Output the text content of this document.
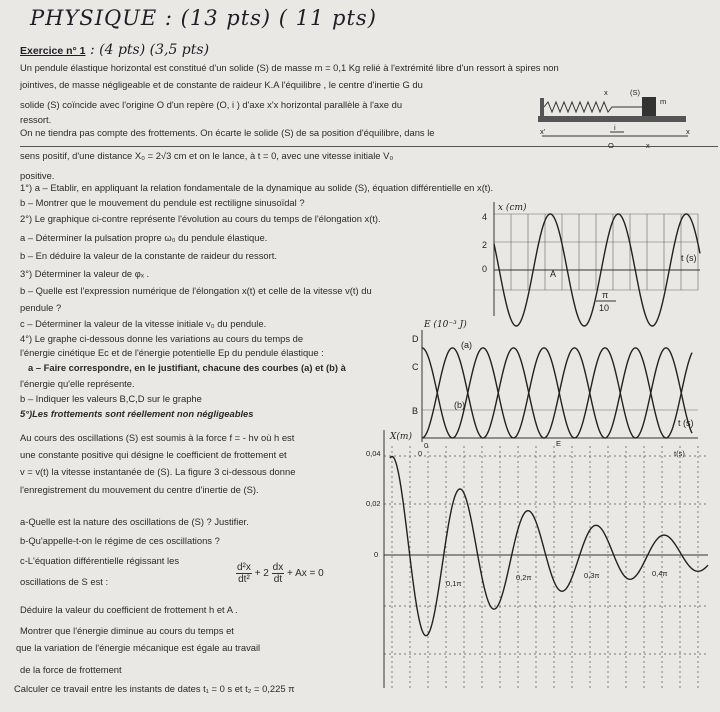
PHYSIQUE : (13 pts) ( 11 pts)
Exercice n° 1 : (4 pts) (3,5 pts)
Un pendule élastique horizontal est constitué d'un solide (S) de masse m = 0,1 Kg relié à l'extrémité libre d'un ressort à spires non
jointives, de masse négligeable et de constante de raideur K.A l'équilibre , le centre d'inertie G du
solide (S) coïncide avec l'origine O d'un repère (O, i ) d'axe x'x horizontal parallèle à l'axe du
ressort.
On ne tiendra pas compte des frottements. On écarte le solide (S) de sa position d'équilibre, dans le
sens positif, d'une distance X₀ = 2√3 cm et on le lance, à t = 0, avec une vitesse initiale V₀
positive.
1°) a – Etablir, en appliquant la relation fondamentale de la dynamique au solide (S), équation différentielle en x(t).
b – Montrer que le mouvement du pendule est rectiligne sinusoïdal ?
2°) Le graphique ci-contre représente l'évolution au cours du temps de l'élongation x(t).
a – Déterminer la pulsation propre ω₀ du pendule élastique.
b – En déduire la valeur de la constante de raideur du ressort.
3°) Déterminer la valeur de φₓ .
b – Quelle est l'expression numérique de l'élongation x(t) et celle de la vitesse v(t) du
pendule ?
c – Déterminer la valeur de la vitesse initiale v₀ du pendule.
4°) Le graphe ci-dessous donne les variations au cours du temps de
l'énergie cinétique Ec et de l'énergie potentielle Ep du pendule élastique :
a – Faire correspondre, en le justifiant, chacune des courbes (a) et (b) à
l'énergie qu'elle représente.
b – Indiquer les valeurs B,C,D sur le graphe
5°)Les frottements sont réellement non négligeables
Au cours des oscillations (S) est soumis à la force f = - hv où h est
une constante positive qui désigne le coefficient de frottement et
v = v(t) la vitesse instantanée de (S). La figure 3 ci-dessous donne
l'enregistrement du mouvement du centre d'inertie de (S).
a-Quelle est la nature des oscillations de (S) ? Justifier.
b-Qu'appelle-t-on le régime de ces oscillations ?
c-L'équation différentielle régissant les
oscillations de S est :	$\frac{\text{d²x}}{\text{dt²}} + 2 \frac{dx}{dt} + Ax = 0$
Déduire la valeur du coefficient de frottement h et A .
Montrer que l'énergie diminue au cours du temps et
que la variation de l'énergie mécanique est égale au travail
de la force de frottement
Calculer ce travail entre les instants de dates t₁ = 0 s et t₂ = 0,225 π
x	(S)
m
x'	i	x
O	x
x (cm)
4
2
0
t (s)
A
π
10
E (10⁻³ J)
D
C
B
(a)
(b)
t (s)
0	E
X(m)
0,04
0,02
0
0	t(s)
0,1π
0,2π	0,3π	0,4π
